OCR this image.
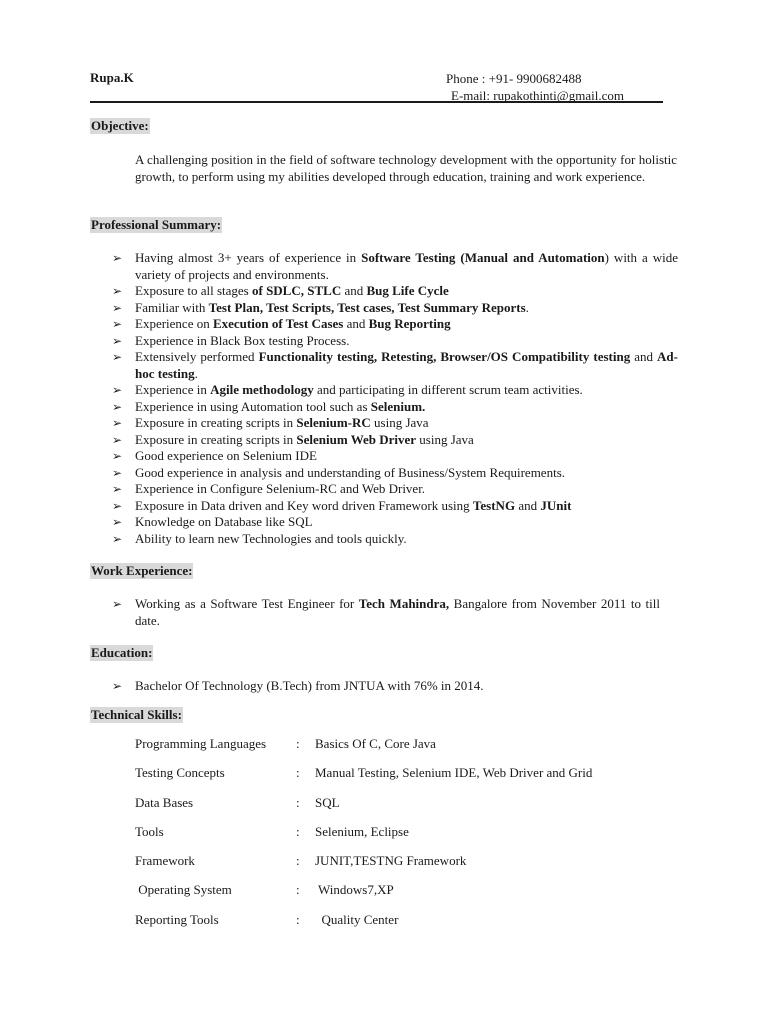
Rupa.K	Phone : +91- 9900682488
E-mail: rupakothinti@gmail.com
Objective:
A challenging position in the field of software technology development with the opportunity for holistic growth, to perform using my abilities developed through education, training and work experience.
Professional Summary:
➢ Having almost 3+ years of experience in Software Testing (Manual and Automation) with a wide variety of projects and environments.
➢ Exposure to all stages of SDLC, STLC and Bug Life Cycle
➢ Familiar with Test Plan, Test Scripts, Test cases, Test Summary Reports.
➢ Experience on Execution of Test Cases and Bug Reporting
➢ Experience in Black Box testing Process.
➢ Extensively performed Functionality testing, Retesting, Browser/OS Compatibility testing and Ad-hoc testing.
➢ Experience in Agile methodology and participating in different scrum team activities.
➢ Experience in using Automation tool such as Selenium.
➢ Exposure in creating scripts in Selenium-RC using Java
➢ Exposure in creating scripts in Selenium Web Driver using Java
➢ Good experience on Selenium IDE
➢ Good experience in analysis and understanding of Business/System Requirements.
➢ Experience in Configure Selenium-RC and Web Driver.
➢ Exposure in Data driven and Key word driven Framework using TestNG and JUnit
➢ Knowledge on Database like SQL
➢ Ability to learn new Technologies and tools quickly.
Work Experience:
➢ Working as a Software Test Engineer for Tech Mahindra, Bangalore from November 2011 to till date.
Education:
➢ Bachelor Of Technology (B.Tech) from JNTUA with 76% in 2014.
Technical Skills:
Programming Languages : Basics Of C, Core Java
Testing Concepts	: Manual Testing, Selenium IDE, Web Driver and Grid
Data Bases	: SQL
Tools	: Selenium, Eclipse
Framework	: JUNIT,TESTNG Framework
Operating System	: Windows7,XP
Reporting Tools	: Quality Center
